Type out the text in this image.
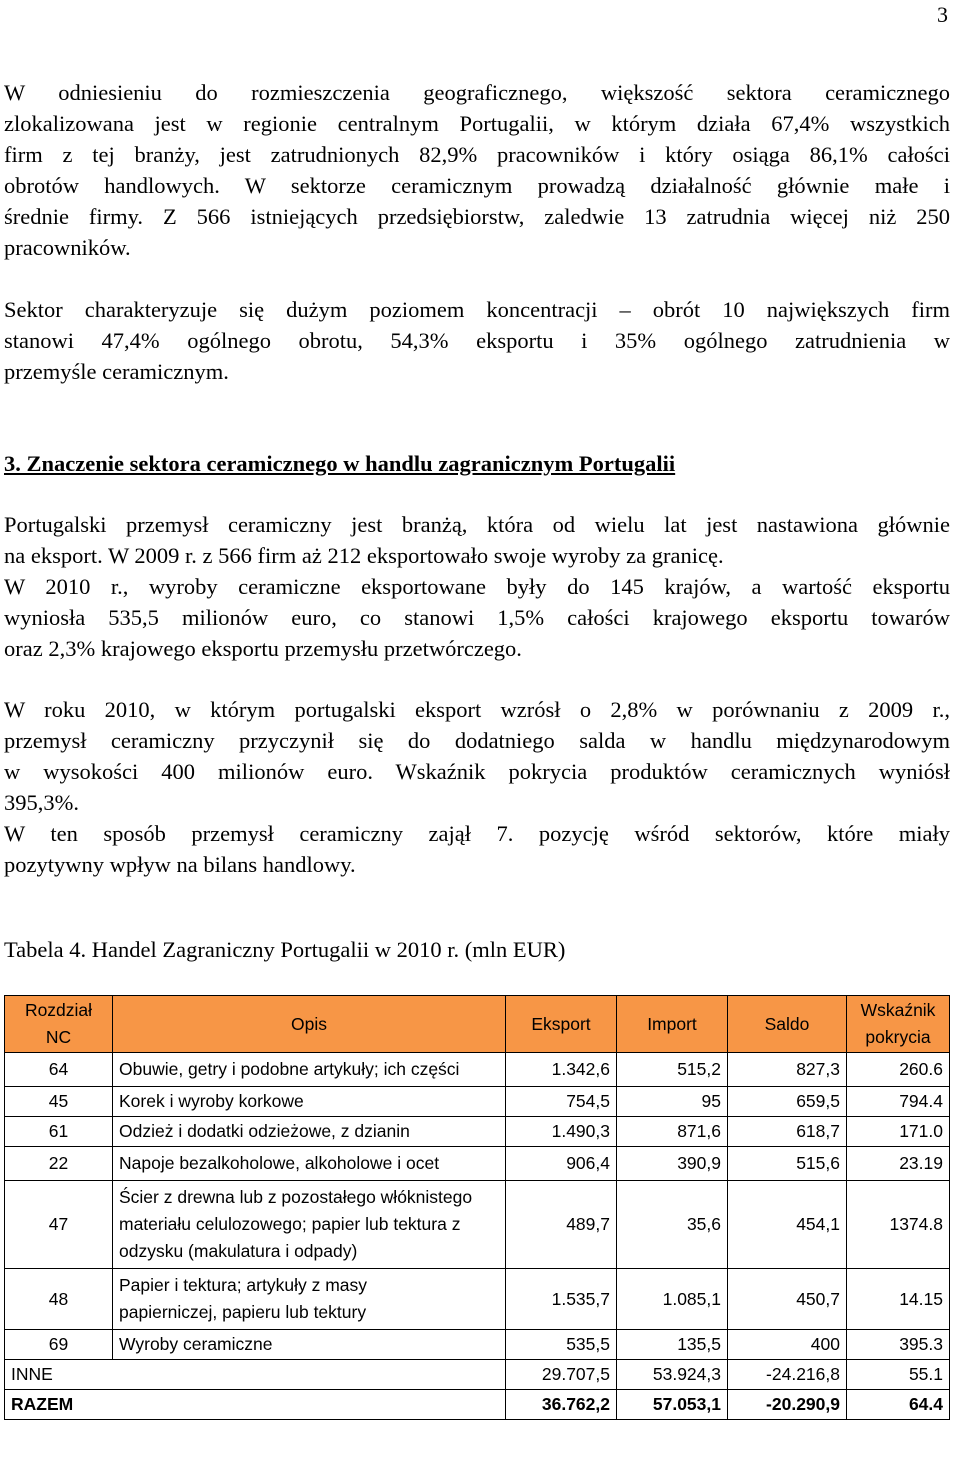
3

W odniesieniu do rozmieszczenia geograficznego, większość sektora ceramicznego
zlokalizowana jest w regionie centralnym Portugalii, w którym działa 67,4% wszystkich
firm z tej branży, jest zatrudnionych 82,9% pracowników i który osiąga 86,1% całości
obrotów handlowych. W sektorze ceramicznym prowadzą działalność głównie małe i
średnie firmy. Z 566 istniejących przedsiębiorstw, zaledwie 13 zatrudnia więcej niż 250
pracowników.

Sektor charakteryzuje się dużym poziomem koncentracji – obrót 10 największych firm
stanowi 47,4% ogólnego obrotu, 54,3% eksportu i 35% ogólnego zatrudnienia w
przemyśle ceramicznym.

3. Znaczenie sektora ceramicznego w handlu zagranicznym Portugalii

Portugalski przemysł ceramiczny jest branżą, która od wielu lat jest nastawiona głównie
na eksport. W 2009 r. z 566 firm aż 212 eksportowało swoje wyroby za granicę.
W 2010 r., wyroby ceramiczne eksportowane były do 145 krajów, a wartość eksportu
wyniosła 535,5 milionów euro, co stanowi 1,5% całości krajowego eksportu towarów
oraz 2,3% krajowego eksportu przemysłu przetwórczego.

W roku 2010, w którym portugalski eksport wzrósł o 2,8% w porównaniu z 2009 r.,
przemysł ceramiczny przyczynił się do dodatniego salda w handlu międzynarodowym
w wysokości 400 milionów euro. Wskaźnik pokrycia produktów ceramicznych wyniósł
395,3%.
W ten sposób przemysł ceramiczny zajął 7. pozycję wśród sektorów, które miały
pozytywny wpływ na bilans handlowy.

Tabela 4. Handel Zagraniczny Portugalii w 2010 r. (mln EUR)

Rozdział NC	Opis	Eksport	Import	Saldo	Wskaźnik pokrycia
64	Obuwie, getry i podobne artykuły; ich części	1.342,6	515,2	827,3	260.6
45	Korek i wyroby korkowe	754,5	95	659,5	794.4
61	Odzież i dodatki odzieżowe, z dzianin	1.490,3	871,6	618,7	171.0
22	Napoje bezalkoholowe, alkoholowe i ocet	906,4	390,9	515,6	23.19
47	Ścier z drewna lub z pozostałego włóknistego materiału celulozowego; papier lub tektura z odzysku (makulatura i odpady)	489,7	35,6	454,1	1374.8
48	Papier i tektura; artykuły z masy papierniczej, papieru lub tektury	1.535,7	1.085,1	450,7	14.15
69	Wyroby ceramiczne	535,5	135,5	400	395.3
INNE		29.707,5	53.924,3	-24.216,8	55.1
RAZEM		36.762,2	57.053,1	-20.290,9	64.4
